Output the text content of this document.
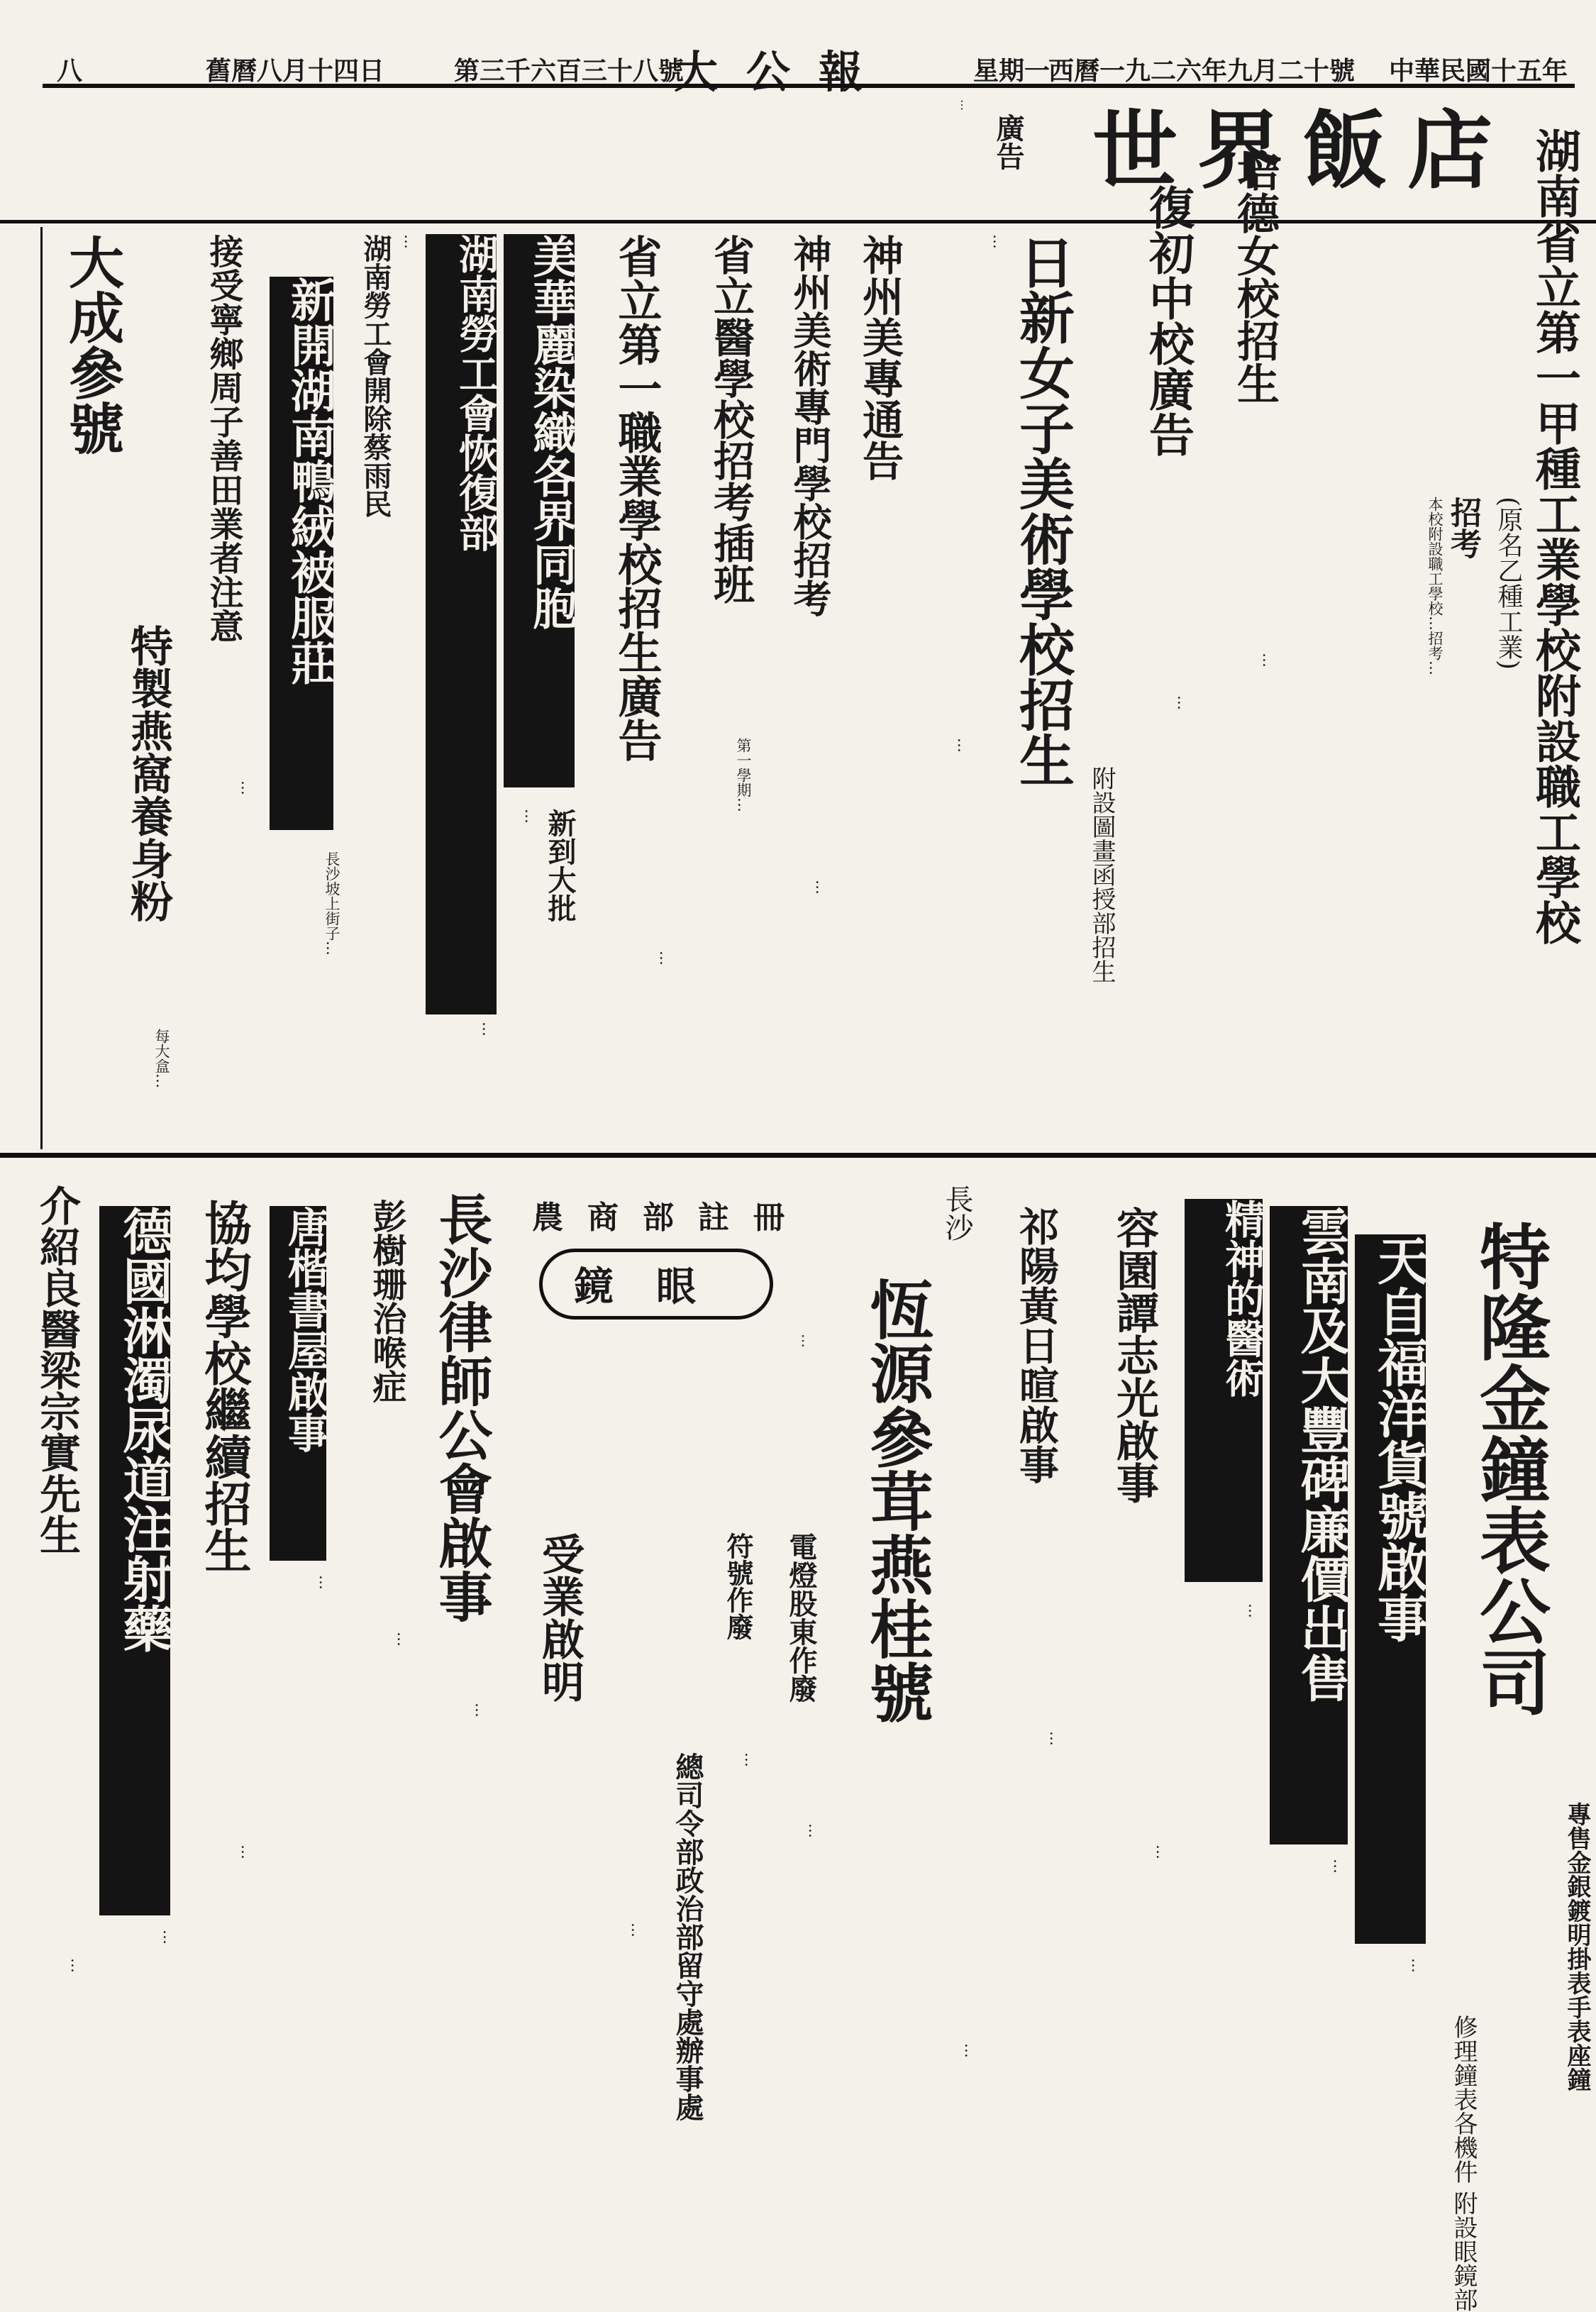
中華民國十五年
西曆一九二六年九月二十號
星期一
大公報
第三千六百三十八號
舊曆八月十四日
八
世界飯店
廣告
…
湖南省立第一甲種工業學校附設職工學校
(原名乙種工業)
招考
本校附設職工學校…招考…
培德女校招生
…
復初中校廣告
…
日新女子美術學校招生
附設圖畫函授部招生
…
神州美專通告
…
神州美術專門學校招考
…
省立醫學校招考插班
第一學期…
省立第一職業學校招生廣告
…
美華麗染織各界同胞
新到大批
…
湖南勞工會恢復部
…
湖南勞工會開除蔡雨民 …
新開湖南鴨絨被服莊
長沙坡上街子…
接受寧鄉周子善田業者注意
…
大成參號
特製燕窩養身粉
每大盒…
特隆金鐘表公司
專售金銀鍍明掛表手表座鐘
修理鐘表各機件 附設眼鏡部
天自福洋貨號啟事
…
雲南及大豐碑廉價出售
…
精神的醫術
…
容園譚志光啟事
…
祁陽黃日暄啟事
…
長沙
恆源參茸燕桂號
…
電燈股東作廢
…
符號作廢
總司令部政治部留守處辦事處	…
受業啟明
…
農商部註冊
鏡眼
…
長沙律師公會啟事
…
彭樹珊治喉症
…
唐楷書屋啟事
…
協均學校繼續招生
…
德國淋濁尿道注射藥
…
介紹良醫梁宗實先生
…
